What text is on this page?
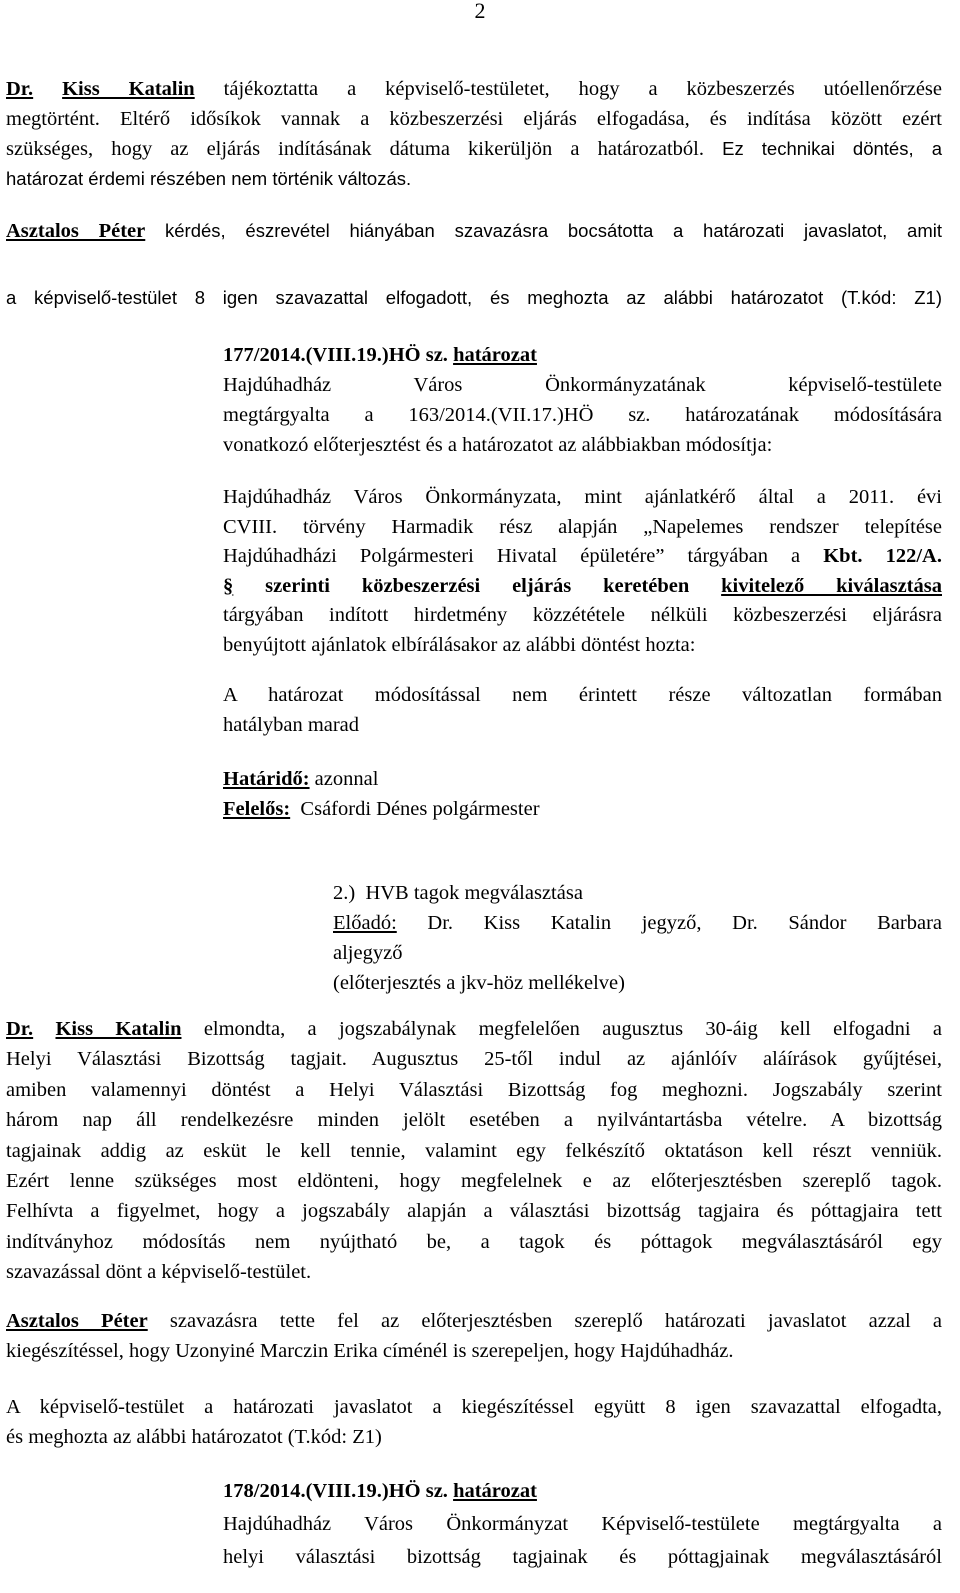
2
Dr. Kiss Katalin tájékoztatta a képviselő-testületet, hogy a közbeszerzés utóellenőrzése
megtörtént. Eltérő idősíkok vannak a közbeszerzési eljárás elfogadása, és indítása között ezért
szükséges, hogy az eljárás indításának dátuma kikerüljön a határozatból. Ez technikai döntés, a
határozat érdemi részében nem történik változás.
Asztalos Péter kérdés, észrevétel hiányában szavazásra bocsátotta a határozati javaslatot, amit
a képviselő-testület 8 igen szavazattal elfogadott, és meghozta az alábbi határozatot (T.kód: Z1)
177/2014.(VIII.19.)HÖ sz. határozat
Hajdúhadház Város Önkormányzatának képviselő-testülete
megtárgyalta a 163/2014.(VII.17.)HÖ sz. határozatának módosítására
vonatkozó előterjesztést és a határozatot az alábbiakban módosítja:
Hajdúhadház Város Önkormányzata, mint ajánlatkérő által a 2011. évi
CVIII. törvény Harmadik rész alapján „Napelemes rendszer telepítése
Hajdúhadházi Polgármesteri Hivatal épületére” tárgyában a Kbt. 122/A.
§ szerinti közbeszerzési eljárás keretében kivitelező kiválasztása
tárgyában indított hirdetmény közzététele nélküli közbeszerzési eljárásra
benyújtott ajánlatok elbírálásakor az alábbi döntést hozta:
A határozat módosítással nem érintett része változatlan formában
hatályban marad
Határidő: azonnal
Felelős:  Csáfordi Dénes polgármester
2.)  HVB tagok megválasztása
Előadó: Dr. Kiss Katalin jegyző, Dr. Sándor Barbara
aljegyző
(előterjesztés a jkv-höz mellékelve)
Dr. Kiss Katalin elmondta, a jogszabálynak megfelelően augusztus 30-áig kell elfogadni a
Helyi Választási Bizottság tagjait. Augusztus 25-től indul az ajánlóív aláírások gyűjtései,
amiben valamennyi döntést a Helyi Választási Bizottság fog meghozni. Jogszabály szerint
három nap áll rendelkezésre minden jelölt esetében a nyilvántartásba vételre. A bizottság
tagjainak addig az esküt le kell tennie, valamint egy felkészítő oktatáson kell részt venniük.
Ezért lenne szükséges most eldönteni, hogy megfelelnek e az előterjesztésben szereplő tagok.
Felhívta a figyelmet, hogy a jogszabály alapján a választási bizottság tagjaira és póttagjaira tett
indítványhoz módosítás nem nyújtható be, a tagok és póttagok megválasztásáról egy
szavazással dönt a képviselő-testület.
Asztalos Péter szavazásra tette fel az előterjesztésben szereplő határozati javaslatot azzal a
kiegészítéssel, hogy Uzonyiné Marczin Erika címénél is szerepeljen, hogy Hajdúhadház.
A képviselő-testület a határozati javaslatot a kiegészítéssel együtt 8 igen szavazattal elfogadta,
és meghozta az alábbi határozatot (T.kód: Z1)
178/2014.(VIII.19.)HÖ sz. határozat
Hajdúhadház Város Önkormányzat Képviselő-testülete megtárgyalta a
helyi választási bizottság tagjainak és póttagjainak megválasztásáról
